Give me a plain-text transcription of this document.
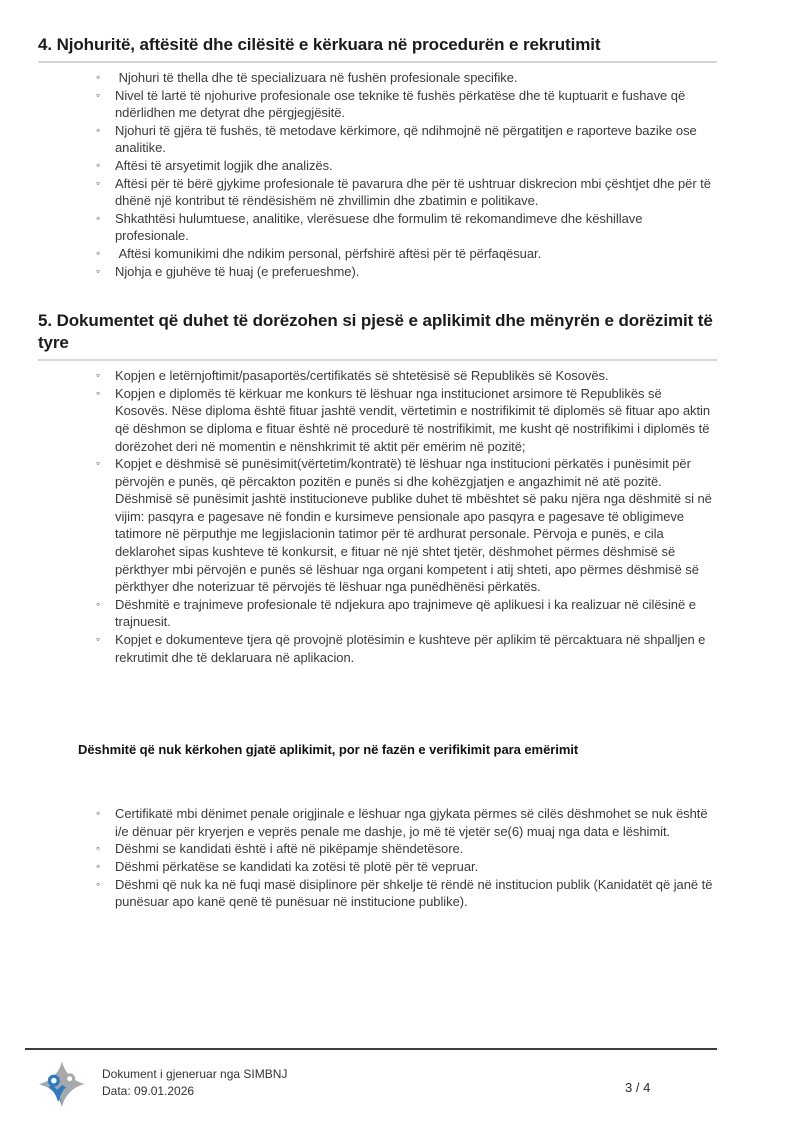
4. Njohuritë, aftësitë dhe cilësitë e kërkuara në procedurën e rekrutimit
◦  Njohuri të thella dhe të specializuara në fushën profesionale specifike.
◦ Nivel të lartë të njohurive profesionale ose teknike të fushës përkatëse dhe të kuptuarit e fushave që ndërlidhen me detyrat dhe përgjegjësitë.
◦ Njohuri të gjëra të fushës, të metodave kërkimore, që ndihmojnë në përgatitjen e raporteve bazike ose analitike.
◦ Aftësi të arsyetimit logjik dhe analizës.
◦ Aftësi për të bërë gjykime profesionale të pavarura dhe për të ushtruar diskrecion mbi çështjet dhe për të dhënë një kontribut të rëndësishëm në zhvillimin dhe zbatimin e politikave.
◦ Shkathtësi hulumtuese, analitike, vlerësuese dhe formulim të rekomandimeve dhe këshillave profesionale.
◦  Aftësi komunikimi dhe ndikim personal, përfshirë aftësi për të përfaqësuar.
◦ Njohja e gjuhëve të huaj (e preferueshme).
5. Dokumentet që duhet të dorëzohen si pjesë e aplikimit dhe mënyrën e dorëzimit të tyre
◦ Kopjen e letërnjoftimit/pasaportës/certifikatës së shtetësisë së Republikës së Kosovës.
◦ Kopjen e diplomës të kërkuar me konkurs të lëshuar nga institucionet arsimore të Republikës së Kosovës. Nëse diploma është fituar jashtë vendit, vërtetimin e nostrifikimit të diplomës së fituar apo aktin që dëshmon se diploma e fituar është në procedurë të nostrifikimit, me kusht që nostrifikimi i diplomës të dorëzohet deri në momentin e nënshkrimit të aktit për emërim në pozitë;
◦ Kopjet e dëshmisë së punësimit(vërtetim/kontratë) të lëshuar nga institucioni përkatës i punësimit për përvojën e punës, që përcakton pozitën e punës si dhe kohëzgjatjen e angazhimit në atë pozitë. Dëshmisë së punësimit jashtë institucioneve publike duhet të mbështet së paku njëra nga dëshmitë si në vijim: pasqyra e pagesave në fondin e kursimeve pensionale apo pasqyra e pagesave të obligimeve tatimore në përputhje me legjislacionin tatimor për të ardhurat personale. Përvoja e punës, e cila deklarohet sipas kushteve të konkursit, e fituar në një shtet tjetër, dëshmohet përmes dëshmisë së përkthyer mbi përvojën e punës së lëshuar nga organi kompetent i atij shteti, apo përmes dëshmisë së përkthyer dhe noterizuar të përvojës të lëshuar nga punëdhënësi përkatës.
◦ Dëshmitë e trajnimeve profesionale të ndjekura apo trajnimeve që aplikuesi i ka realizuar në cilësinë e trajnuesit.
◦ Kopjet e dokumenteve tjera që provojnë plotësimin e kushteve për aplikim të përcaktuara në shpalljen e rekrutimit dhe të deklaruara në aplikacion.
Dëshmitë që nuk kërkohen gjatë aplikimit, por në fazën e verifikimit para emërimit
◦ Certifikatë mbi dënimet penale origjinale e lëshuar nga gjykata përmes së cilës dëshmohet se nuk është i/e dënuar për kryerjen e veprës penale me dashje, jo më të vjetër se(6) muaj nga data e lëshimit.
◦ Dëshmi se kandidati është i aftë në pikëpamje shëndetësore.
◦ Dëshmi përkatëse se kandidati ka zotësi të plotë për të vepruar.
◦ Dëshmi që nuk ka në fuqi masë disiplinore për shkelje të rëndë në institucion publik (Kanidatët që janë të punësuar apo kanë qenë të punësuar në institucione publike).
Dokument i gjeneruar nga SIMBNJ
Data: 09.01.2026	3 / 4
